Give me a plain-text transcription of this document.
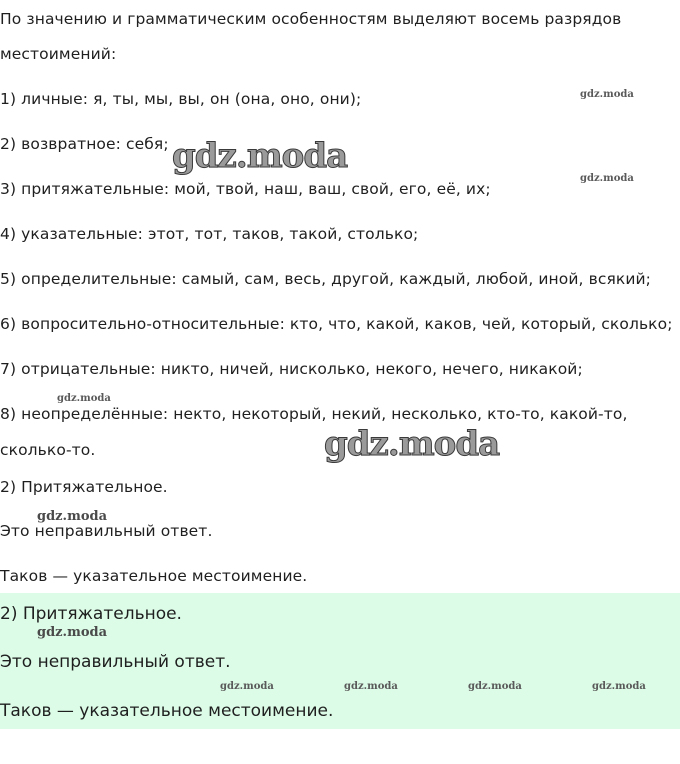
По значению и грамматическим особенностям выделяют восемь разрядов
местоимений:
1) личные: я, ты, мы, вы, он (она, оно, они);
2) возвратное: себя;
3) притяжательные: мой, твой, наш, ваш, свой, его, её, их;
4) указательные: этот, тот, таков, такой, столько;
5) определительные: самый, сам, весь, другой, каждый, любой, иной, всякий;
6) вопросительно-относительные: кто, что, какой, каков, чей, который, сколько;
7) отрицательные: никто, ничей, нисколько, некого, нечего, никакой;
8) неопределённые: некто, некоторый, некий, несколько, кто-то, какой-то,
сколько-то.
2) Притяжательное.
Это неправильный ответ.
Таков — указательное местоимение.
2) Притяжательное.
Это неправильный ответ.
Таков — указательное местоимение.
gdz.moda
gdz.moda
gdz.moda
gdz.moda
gdz.moda
gdz.moda
gdz.moda
gdz.moda	gdz.moda	gdz.moda	gdz.moda
